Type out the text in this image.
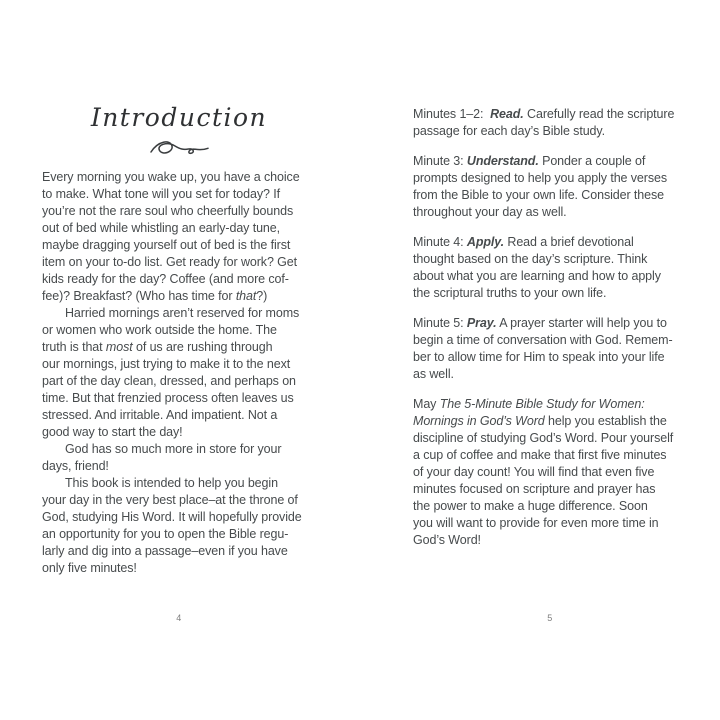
Introduction
Every morning you wake up, you have a choice
to make. What tone will you set for today? If
you’re not the rare soul who cheerfully bounds
out of bed while whistling an early-day tune,
maybe dragging yourself out of bed is the first
item on your to-do list. Get ready for work? Get
kids ready for the day? Coffee (and more cof-
fee)? Breakfast? (Who has time for that?)
Harried mornings aren’t reserved for moms
or women who work outside the home. The
truth is that most of us are rushing through
our mornings, just trying to make it to the next
part of the day clean, dressed, and perhaps on
time. But that frenzied process often leaves us
stressed. And irritable. And impatient. Not a
good way to start the day!
God has so much more in store for your
days, friend!
This book is intended to help you begin
your day in the very best place–at the throne of
God, studying His Word. It will hopefully provide
an opportunity for you to open the Bible regu-
larly and dig into a passage–even if you have
only five minutes!
Minutes 1–2:  Read. Carefully read the scripture
passage for each day’s Bible study.
Minute 3: Understand. Ponder a couple of
prompts designed to help you apply the verses
from the Bible to your own life. Consider these
throughout your day as well.
Minute 4: Apply. Read a brief devotional
thought based on the day’s scripture. Think
about what you are learning and how to apply
the scriptural truths to your own life.
Minute 5: Pray. A prayer starter will help you to
begin a time of conversation with God. Remem-
ber to allow time for Him to speak into your life
as well.
May The 5-Minute Bible Study for Women:
Mornings in God’s Word help you establish the
discipline of studying God’s Word. Pour yourself
a cup of coffee and make that first five minutes
of your day count! You will find that even five
minutes focused on scripture and prayer has
the power to make a huge difference. Soon
you will want to provide for even more time in
God’s Word!
4	5
